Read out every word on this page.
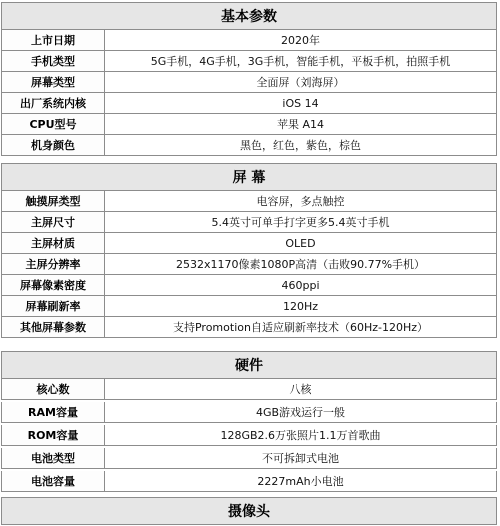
基本参数
上市日期	2020年
手机类型	5G手机，4G手机，3G手机，智能手机，平板手机，拍照手机
屏幕类型	全面屏（刘海屏）
出厂系统内核	iOS 14
CPU型号	苹果 A14
机身颜色	黑色，红色，紫色，棕色
屏 幕
触摸屏类型	电容屏，多点触控
主屏尺寸	5.4英寸可单手打字更多5.4英寸手机
主屏材质	OLED
主屏分辨率	2532x1170像素1080P高清（击败90.77%手机）
屏幕像素密度	460ppi
屏幕刷新率	120Hz
其他屏幕参数	支持Promotion自适应刷新率技术（60Hz-120Hz）
硬件
核心数	八核
RAM容量	4GB游戏运行一般
ROM容量	128GB2.6万张照片1.1万首歌曲
电池类型	不可拆卸式电池
电池容量	2227mAh小电池
摄像头
